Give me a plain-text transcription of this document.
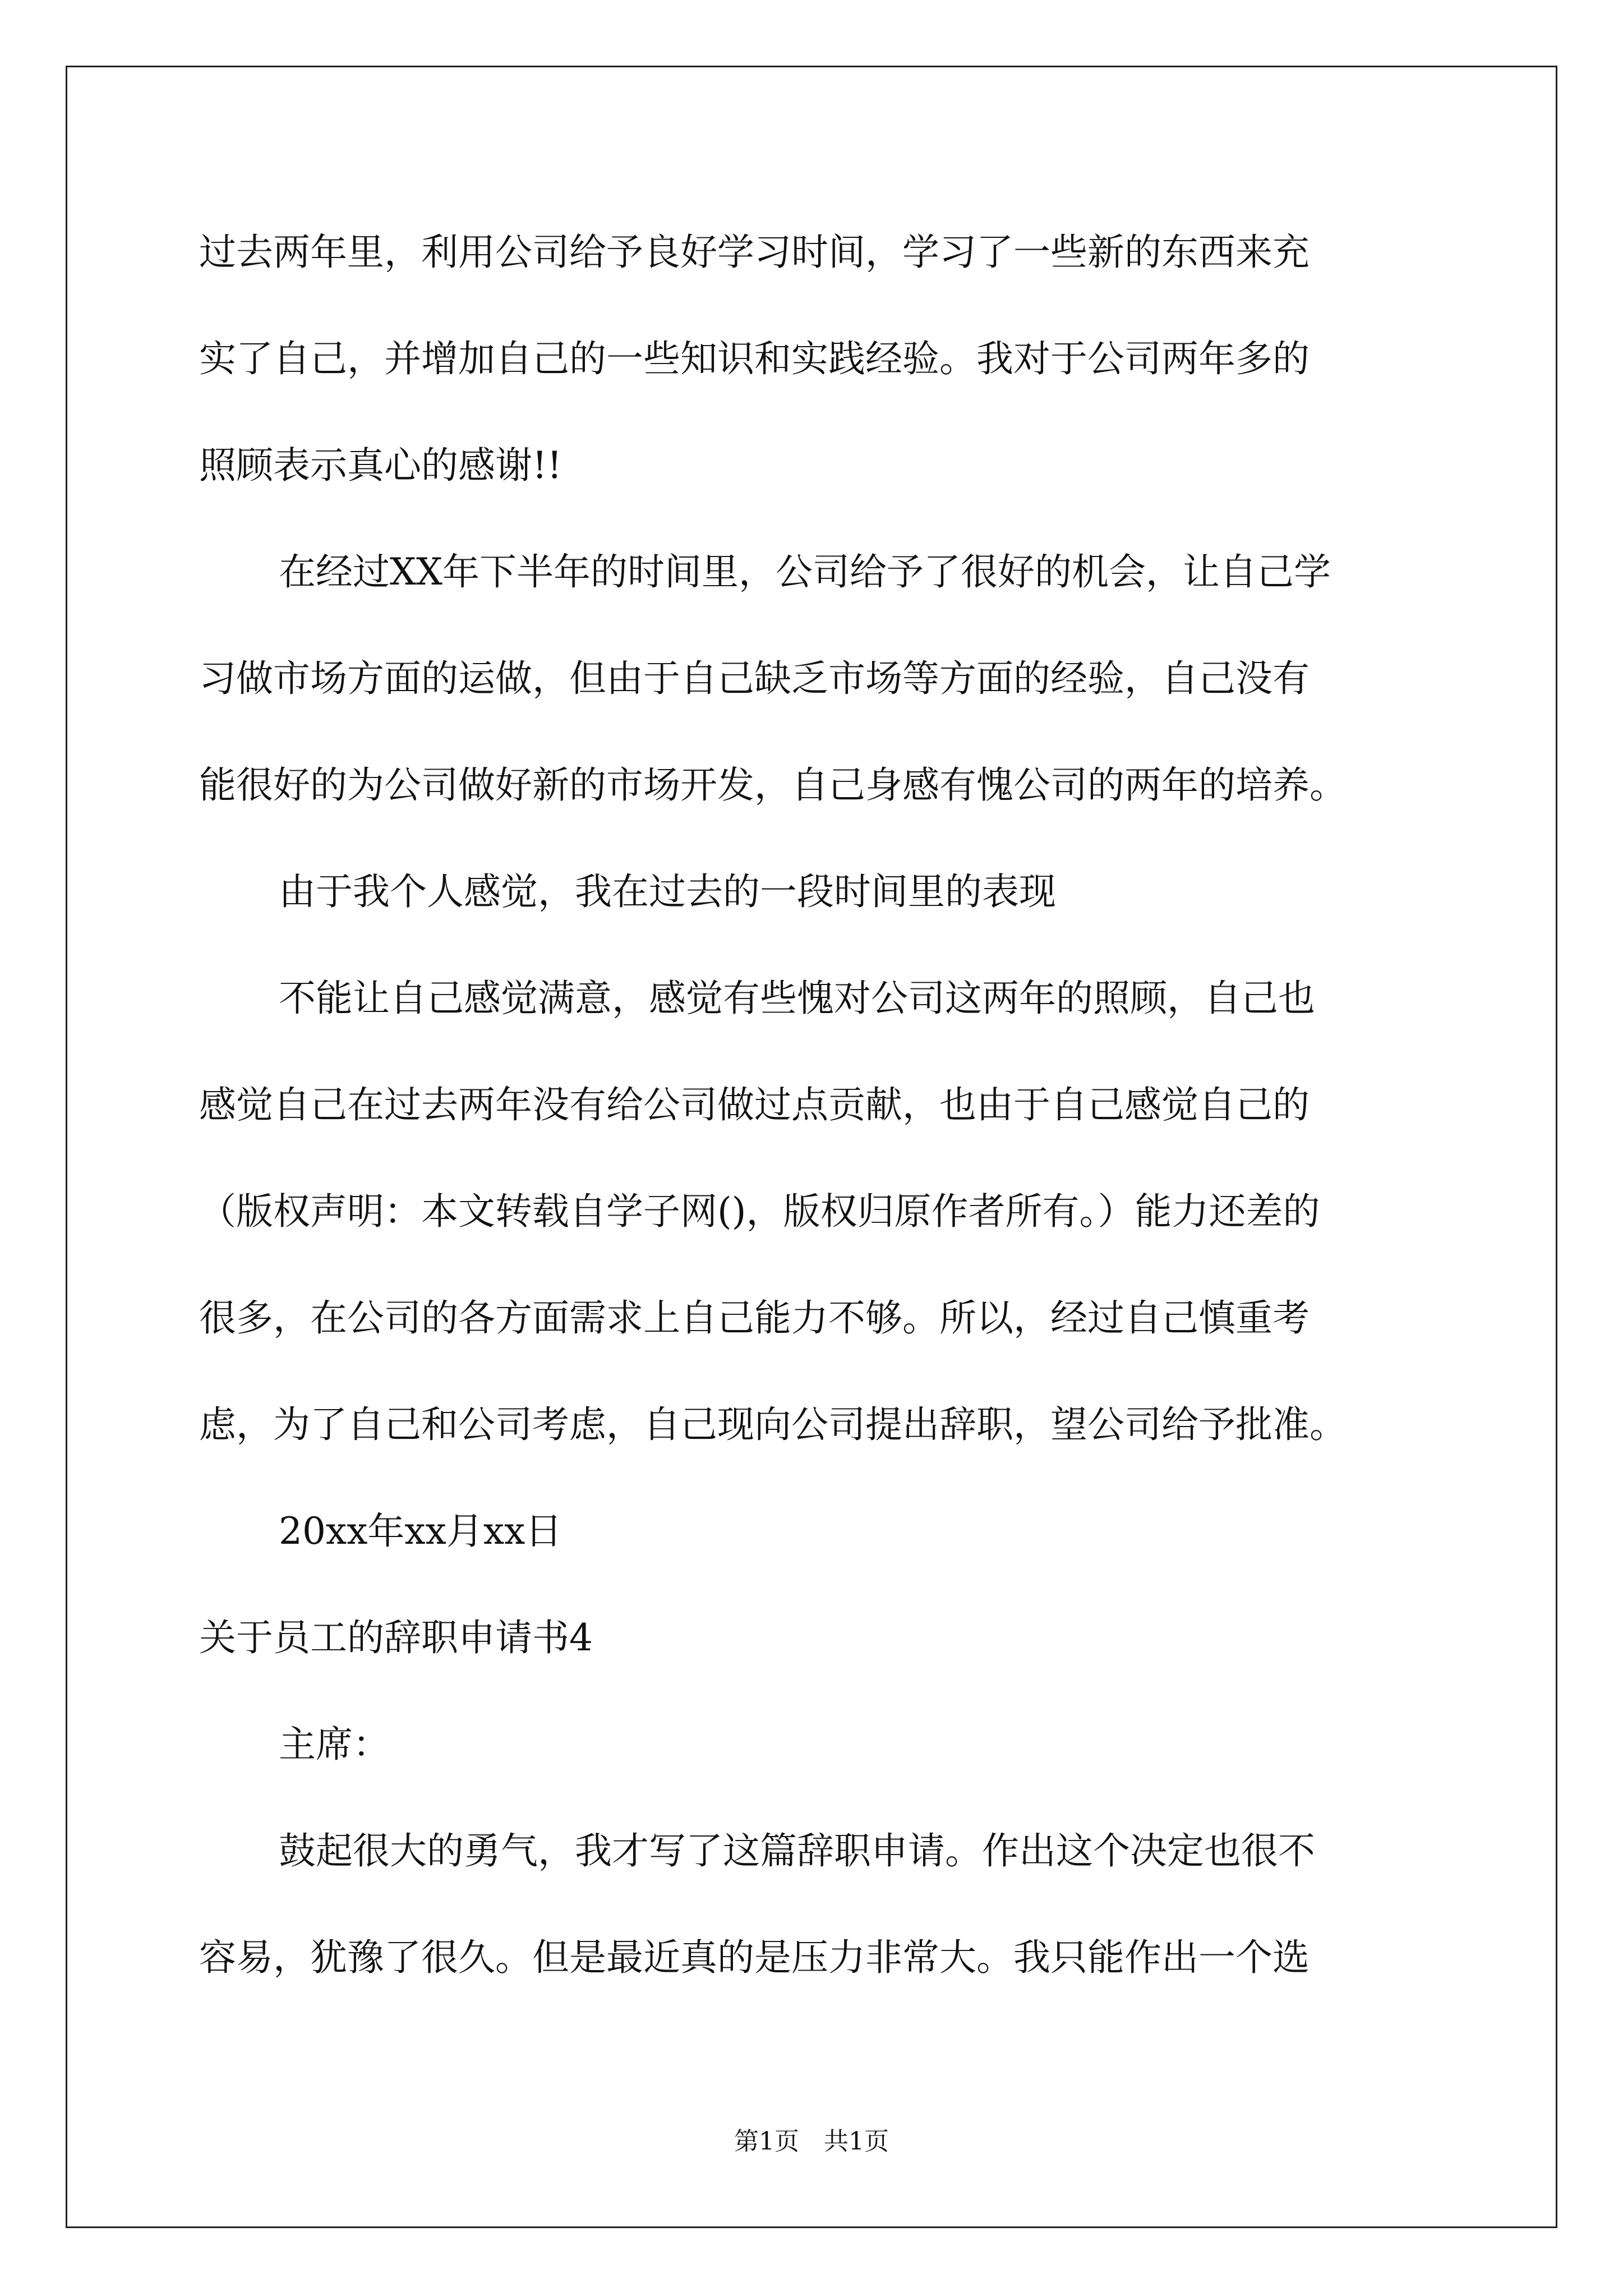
过去两年里，利用公司给予良好学习时间，学习了一些新的东西来充
实了自己，并增加自己的一些知识和实践经验。我对于公司两年多的
照顾表示真心的感谢!!
在经过XX年下半年的时间里，公司给予了很好的机会，让自己学
习做市场方面的运做，但由于自己缺乏市场等方面的经验，自己没有
能很好的为公司做好新的市场开发，自己身感有愧公司的两年的培养。
由于我个人感觉，我在过去的一段时间里的表现
不能让自己感觉满意，感觉有些愧对公司这两年的照顾，自己也
感觉自己在过去两年没有给公司做过点贡献，也由于自己感觉自己的
（版权声明：本文转载自学子网()，版权归原作者所有。）能力还差的
很多，在公司的各方面需求上自己能力不够。所以，经过自己慎重考
虑，为了自己和公司考虑，自己现向公司提出辞职，望公司给予批准。
20xx年xx月xx日
关于员工的辞职申请书4
主席：
鼓起很大的勇气，我才写了这篇辞职申请。作出这个决定也很不
容易，犹豫了很久。但是最近真的是压力非常大。我只能作出一个选
第1页　共1页
